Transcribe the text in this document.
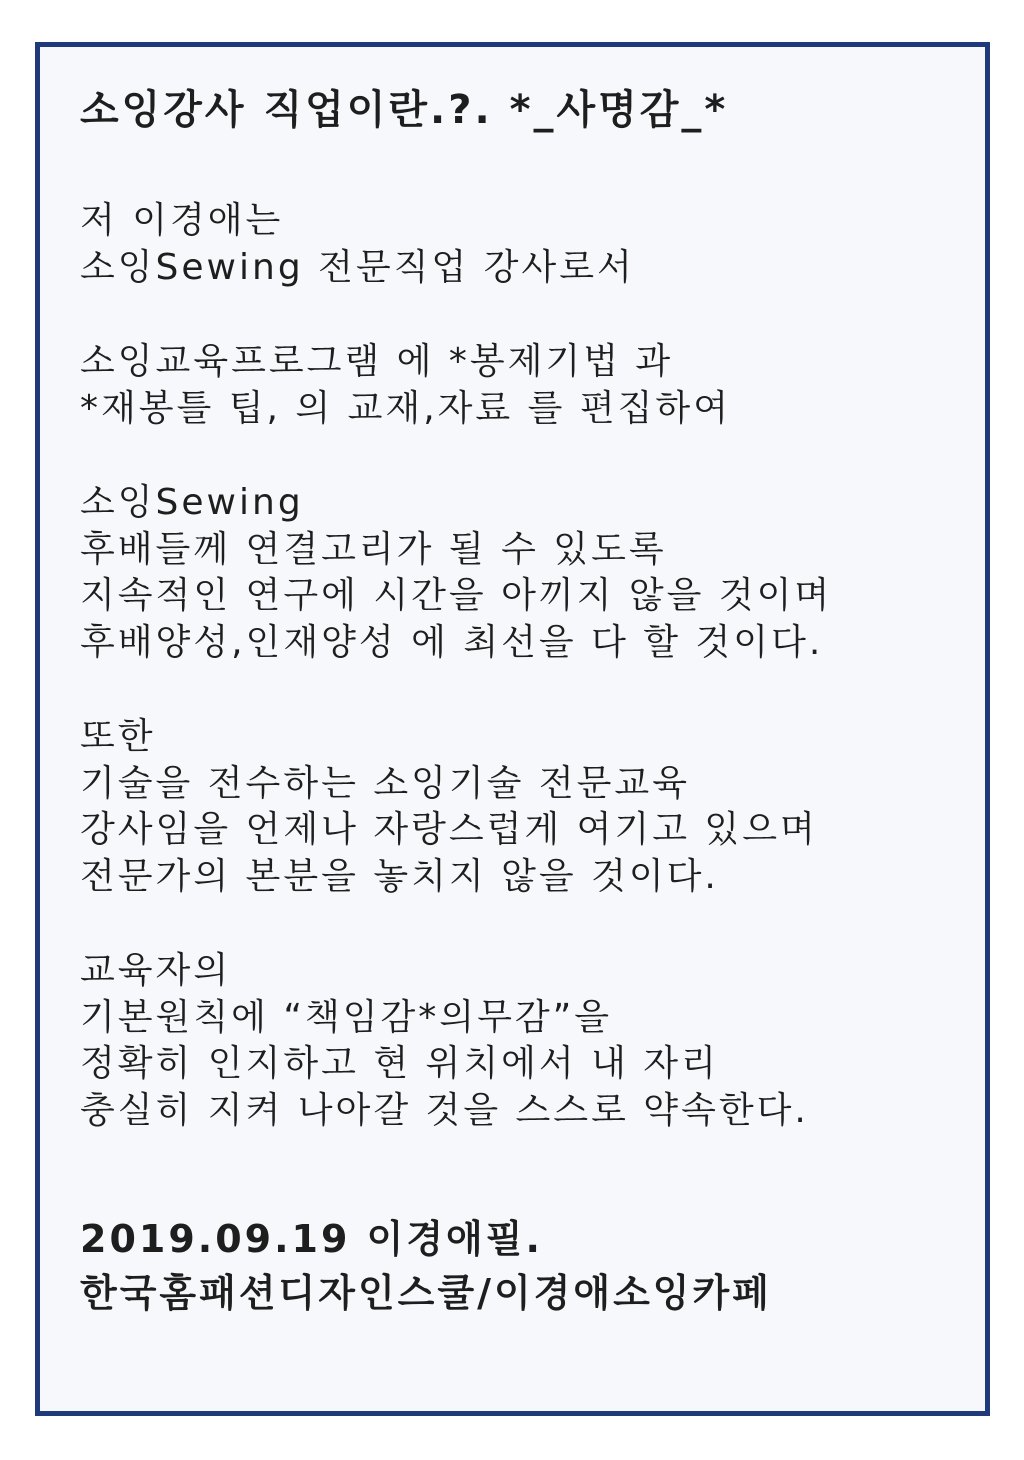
소잉강사 직업이란.?. *_사명감_*
저 이경애는
소잉Sewing 전문직업 강사로서
소잉교육프로그램 에 *봉제기법 과
*재봉틀 팁, 의 교재,자료 를 편집하여
소잉Sewing
후배들께 연결고리가 될 수 있도록
지속적인 연구에 시간을 아끼지 않을 것이며
후배양성,인재양성 에 최선을 다 할 것이다.
또한
기술을 전수하는 소잉기술 전문교육
강사임을 언제나 자랑스럽게 여기고 있으며
전문가의 본분을 놓치지 않을 것이다.
교육자의
기본원칙에 “책임감*의무감”을
정확히 인지하고 현 위치에서 내 자리
충실히 지켜 나아갈 것을 스스로 약속한다.
2019.09.19 이경애필.
한국홈패션디자인스쿨/이경애소잉카페
